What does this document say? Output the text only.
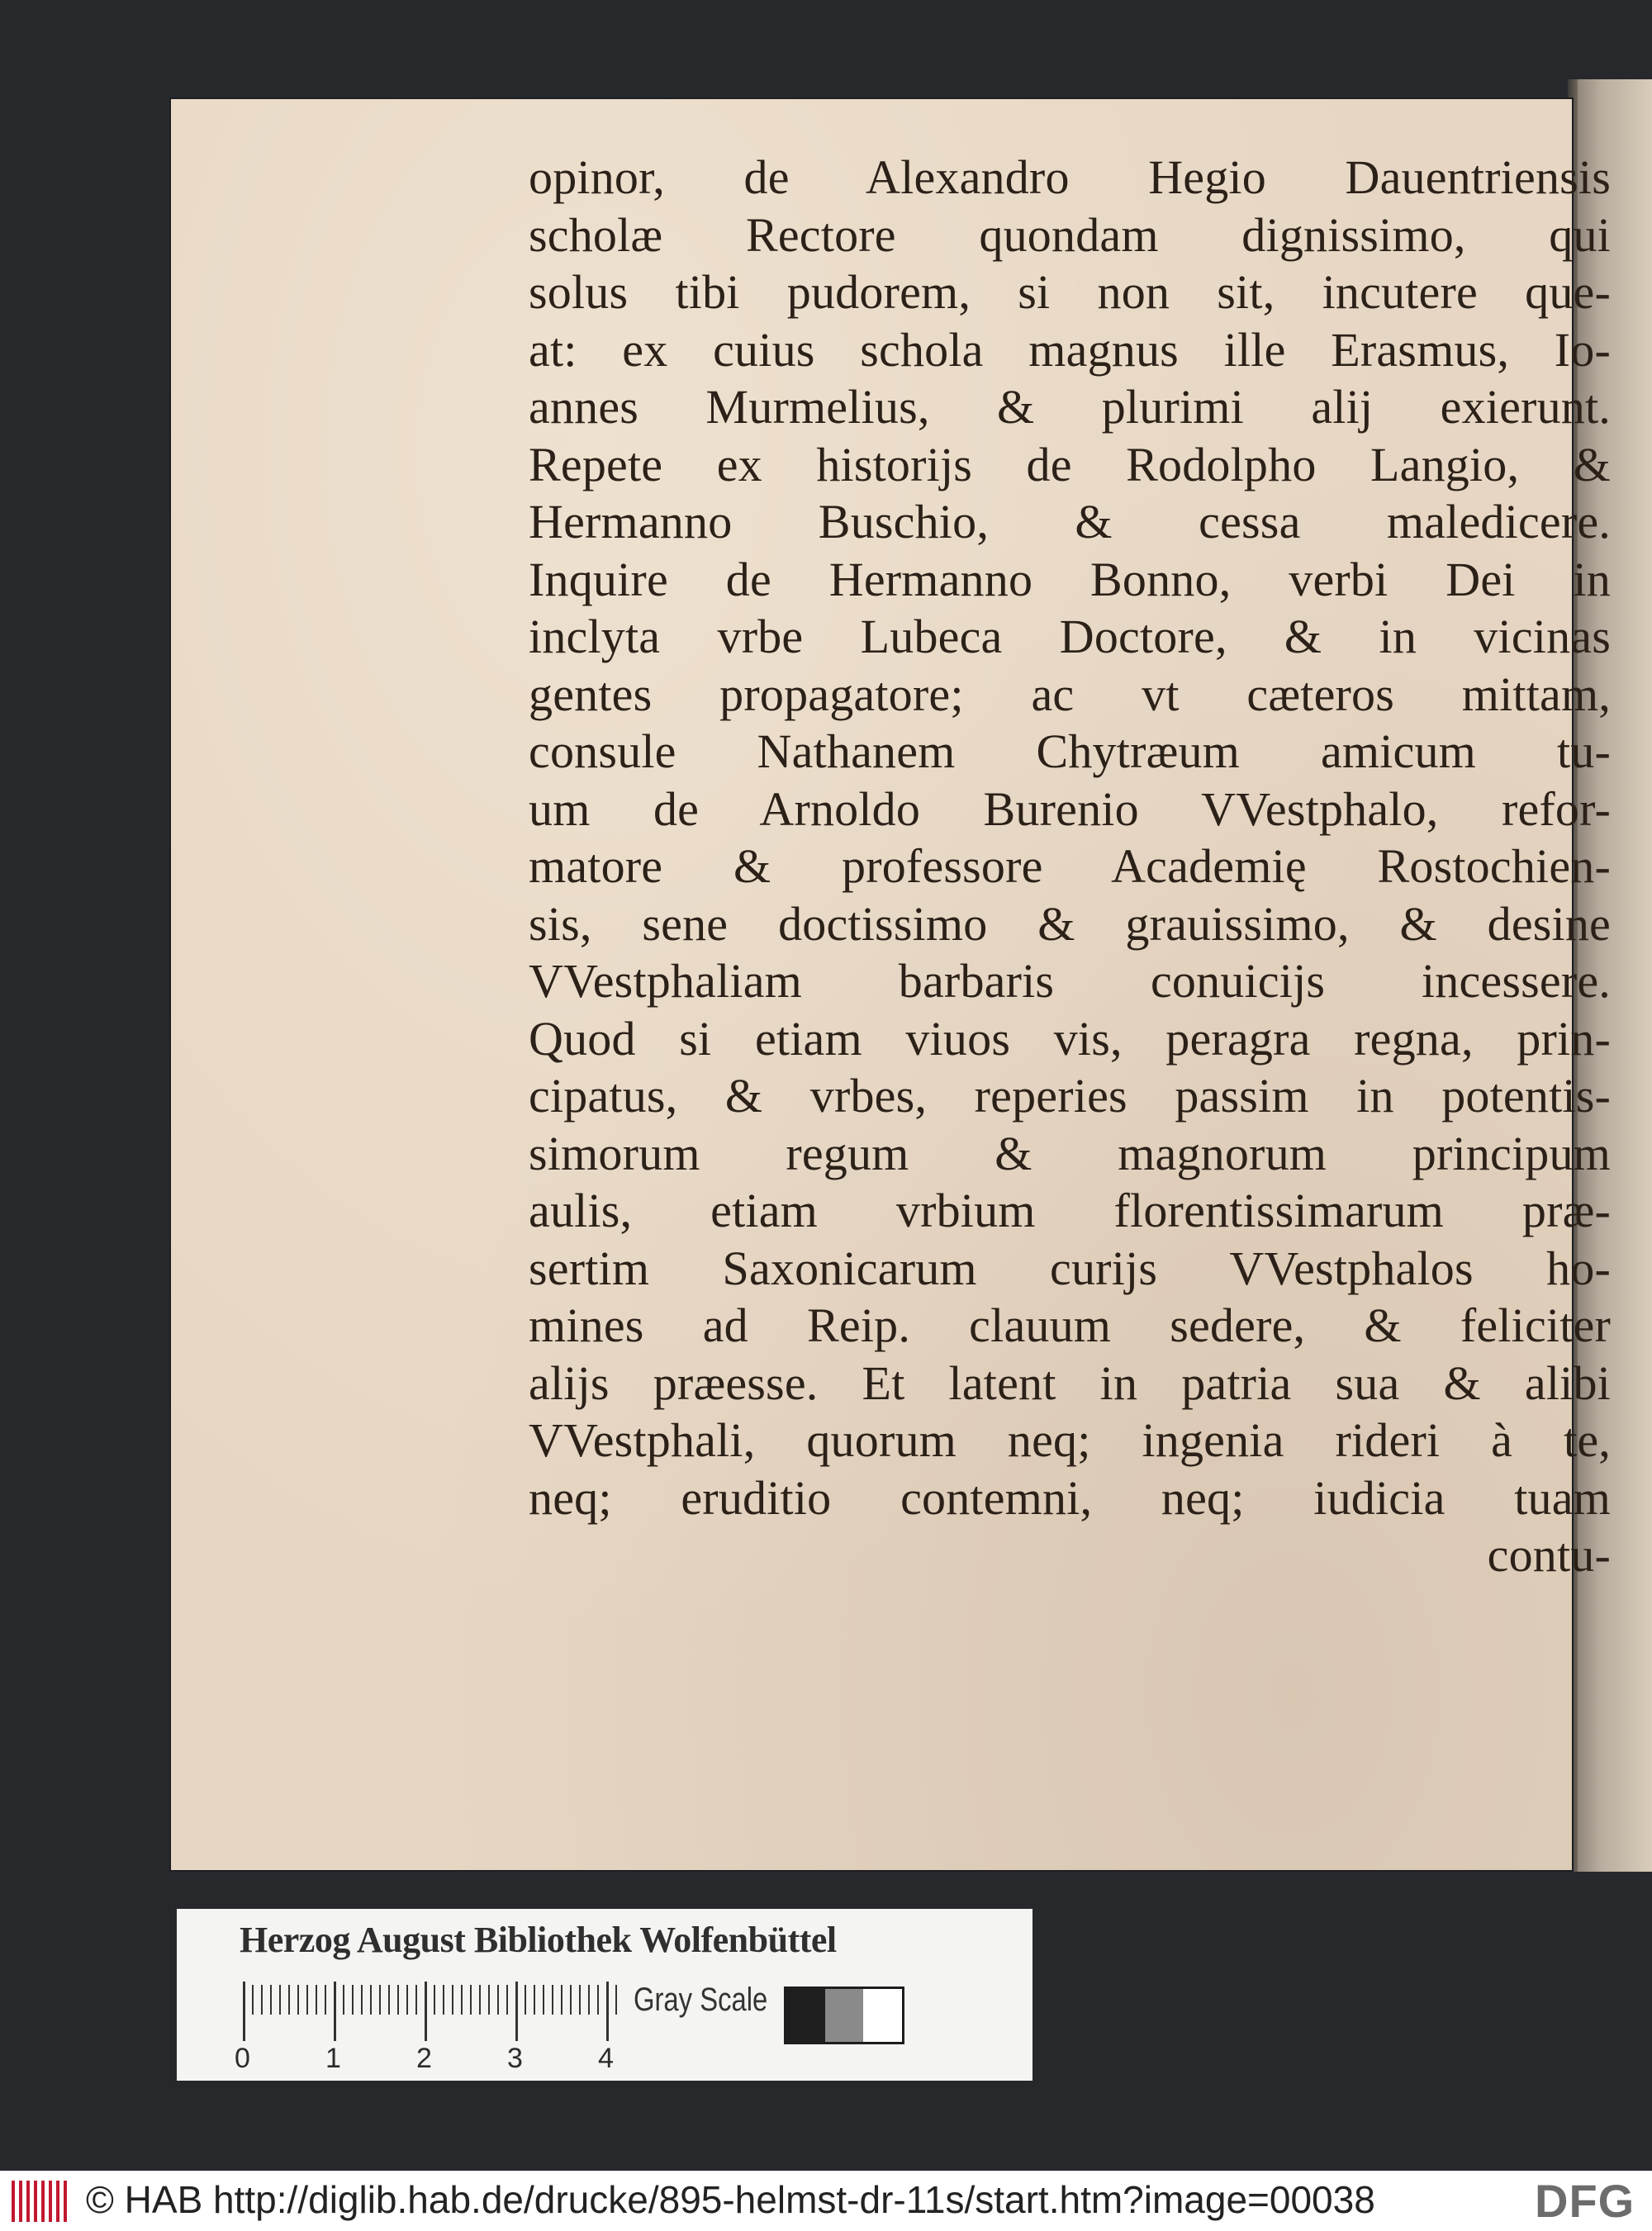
opinor, de Alexandro Hegio Dauentriensis
scholæ Rectore quondam dignissimo, qui
solus tibi pudorem, si non sit, incutere que-
at: ex cuius schola magnus ille Erasmus, Io-
annes Murmelius, & plurimi alij exierunt.
Repete ex historijs de Rodolpho Langio, &
Hermanno Buschio, & cessa maledicere.
Inquire de Hermanno Bonno, verbi Dei in
inclyta vrbe Lubeca Doctore, & in vicinas
gentes propagatore; ac vt cæteros mittam,
consule Nathanem Chytræum amicum tu-
um de Arnoldo Burenio VVestphalo, refor-
matore & professore Academię Rostochien-
sis, sene doctissimo & grauissimo, & desine
VVestphaliam barbaris conuicijs incessere.
Quod si etiam viuos vis, peragra regna, prin-
cipatus, & vrbes, reperies passim in potentis-
simorum regum & magnorum principum
aulis, etiam vrbium florentissimarum præ-
sertim Saxonicarum curijs VVestphalos ho-
mines ad Reip. clauum sedere, & feliciter
alijs præesse. Et latent in patria sua & alibi
VVestphali, quorum neq; ingenia rideri à te,
neq; eruditio contemni, neq; iudicia tuam
contu-
Herzog August Bibliothek Wolfenbüttel
0	1	2	3	4
Gray Scale
© HAB http://diglib.hab.de/drucke/895-helmst-dr-11s/start.htm?image=00038	DFG
